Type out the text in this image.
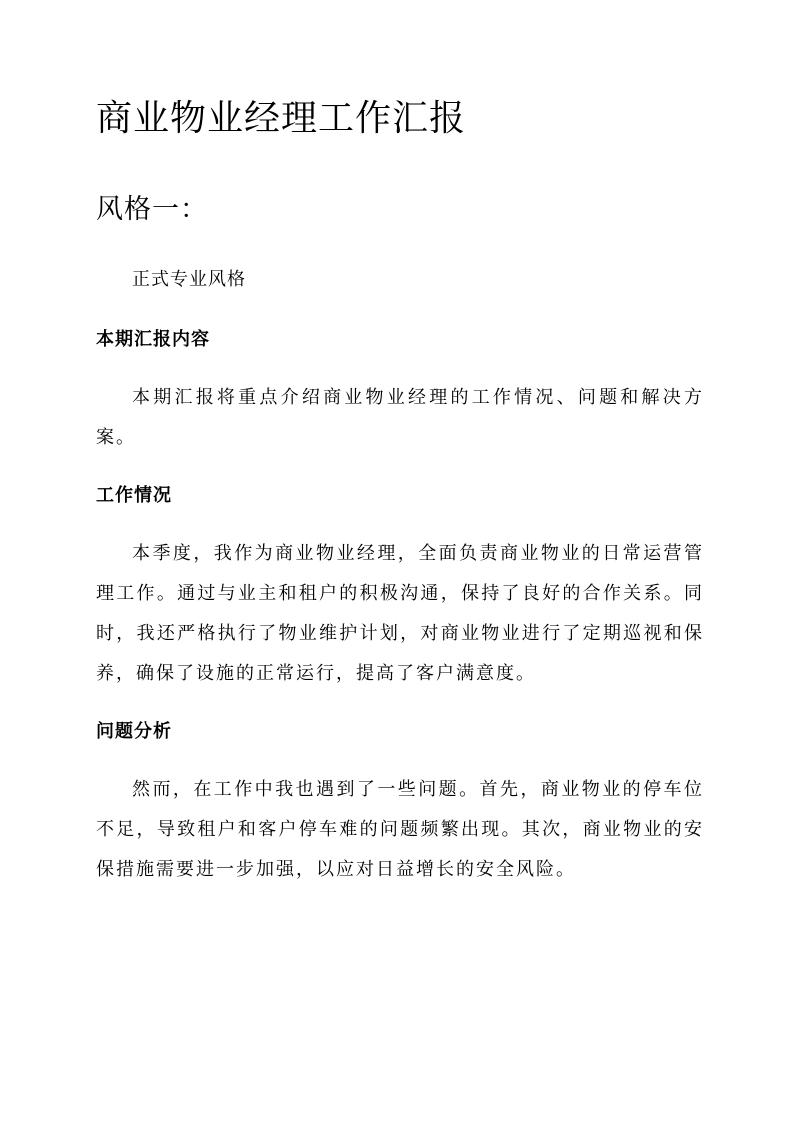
商业物业经理工作汇报
风格一：

正式专业风格

本期汇报内容

本期汇报将重点介绍商业物业经理的工作情况、问题和解决方案。

工作情况

本季度，我作为商业物业经理，全面负责商业物业的日常运营管理工作。通过与业主和租户的积极沟通，保持了良好的合作关系。同时，我还严格执行了物业维护计划，对商业物业进行了定期巡视和保养，确保了设施的正常运行，提高了客户满意度。

问题分析

然而，在工作中我也遇到了一些问题。首先，商业物业的停车位不足，导致租户和客户停车难的问题频繁出现。其次，商业物业的安保措施需要进一步加强，以应对日益增长的安全风险。
